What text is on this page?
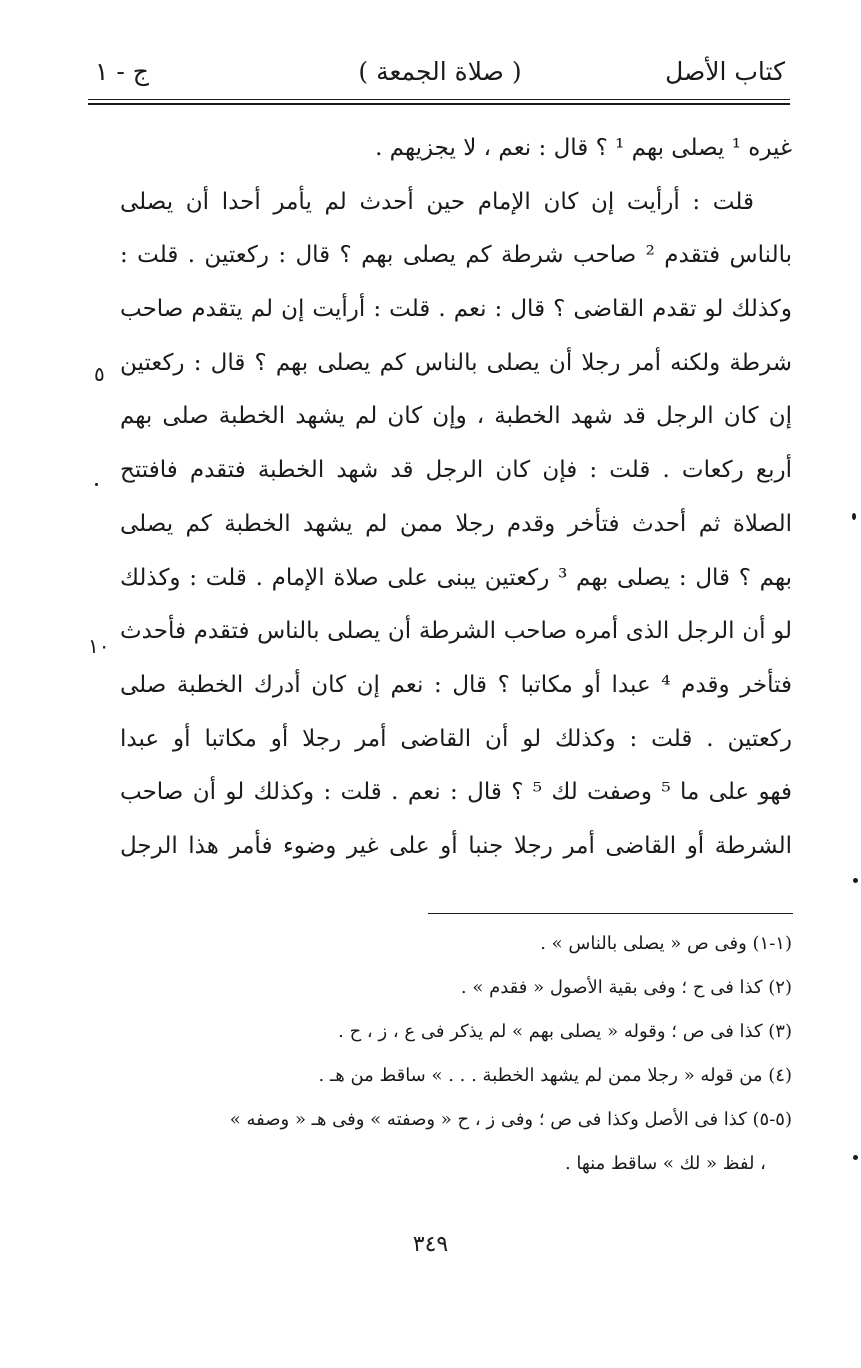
كتاب الأصل
( صلاة الجمعة )
ج - ١
غيره ¹ يصلى بهم ¹ ؟ قال : نعم ، لا يجزيهم .
قلت : أرأيت إن كان الإمام حين أحدث لم يأمر أحدا أن يصلى
بالناس فتقدم ² صاحب شرطة كم يصلى بهم ؟ قال : ركعتين . قلت :
وكذلك لو تقدم القاضى ؟ قال : نعم . قلت : أرأيت إن لم يتقدم صاحب
شرطة ولكنه أمر رجلا أن يصلى بالناس كم يصلى بهم ؟ قال : ركعتين
إن كان الرجل قد شهد الخطبة ، وإن كان لم يشهد الخطبة صلى بهم
أربع ركعات . قلت : فإن كان الرجل قد شهد الخطبة فتقدم فافتتح
الصلاة ثم أحدث فتأخر وقدم رجلا ممن لم يشهد الخطبة كم يصلى
بهم ؟ قال : يصلى بهم ³ ركعتين يبنى على صلاة الإمام . قلت : وكذلك
لو أن الرجل الذى أمره صاحب الشرطة أن يصلى بالناس فتقدم فأحدث
فتأخر وقدم ⁴ عبدا أو مكاتبا ؟ قال : نعم إن كان أدرك الخطبة صلى
ركعتين . قلت : وكذلك لو أن القاضى أمر رجلا أو مكاتبا أو عبدا
فهو على ما ⁵ وصفت لك ⁵ ؟ قال : نعم . قلت : وكذلك لو أن صاحب
الشرطة أو القاضى أمر رجلا جنبا أو على غير وضوء فأمر هذا الرجل
٥
١٠
(١-١) وفى ص « يصلى بالناس » .
(٢) كذا فى ح ؛ وفى بقية الأصول « فقدم » .
(٣) كذا فى ص ؛ وقوله « يصلى بهم » لم يذكر فى ع ، ز ، ح .
(٤) من قوله « رجلا ممن لم يشهد الخطبة . . . » ساقط من هـ .
(٥-٥) كذا فى الأصل وكذا فى ص ؛ وفى ز ، ح « وصفته » وفى هـ « وصفه »
، لفظ « لك » ساقط منها .
٣٤٩
